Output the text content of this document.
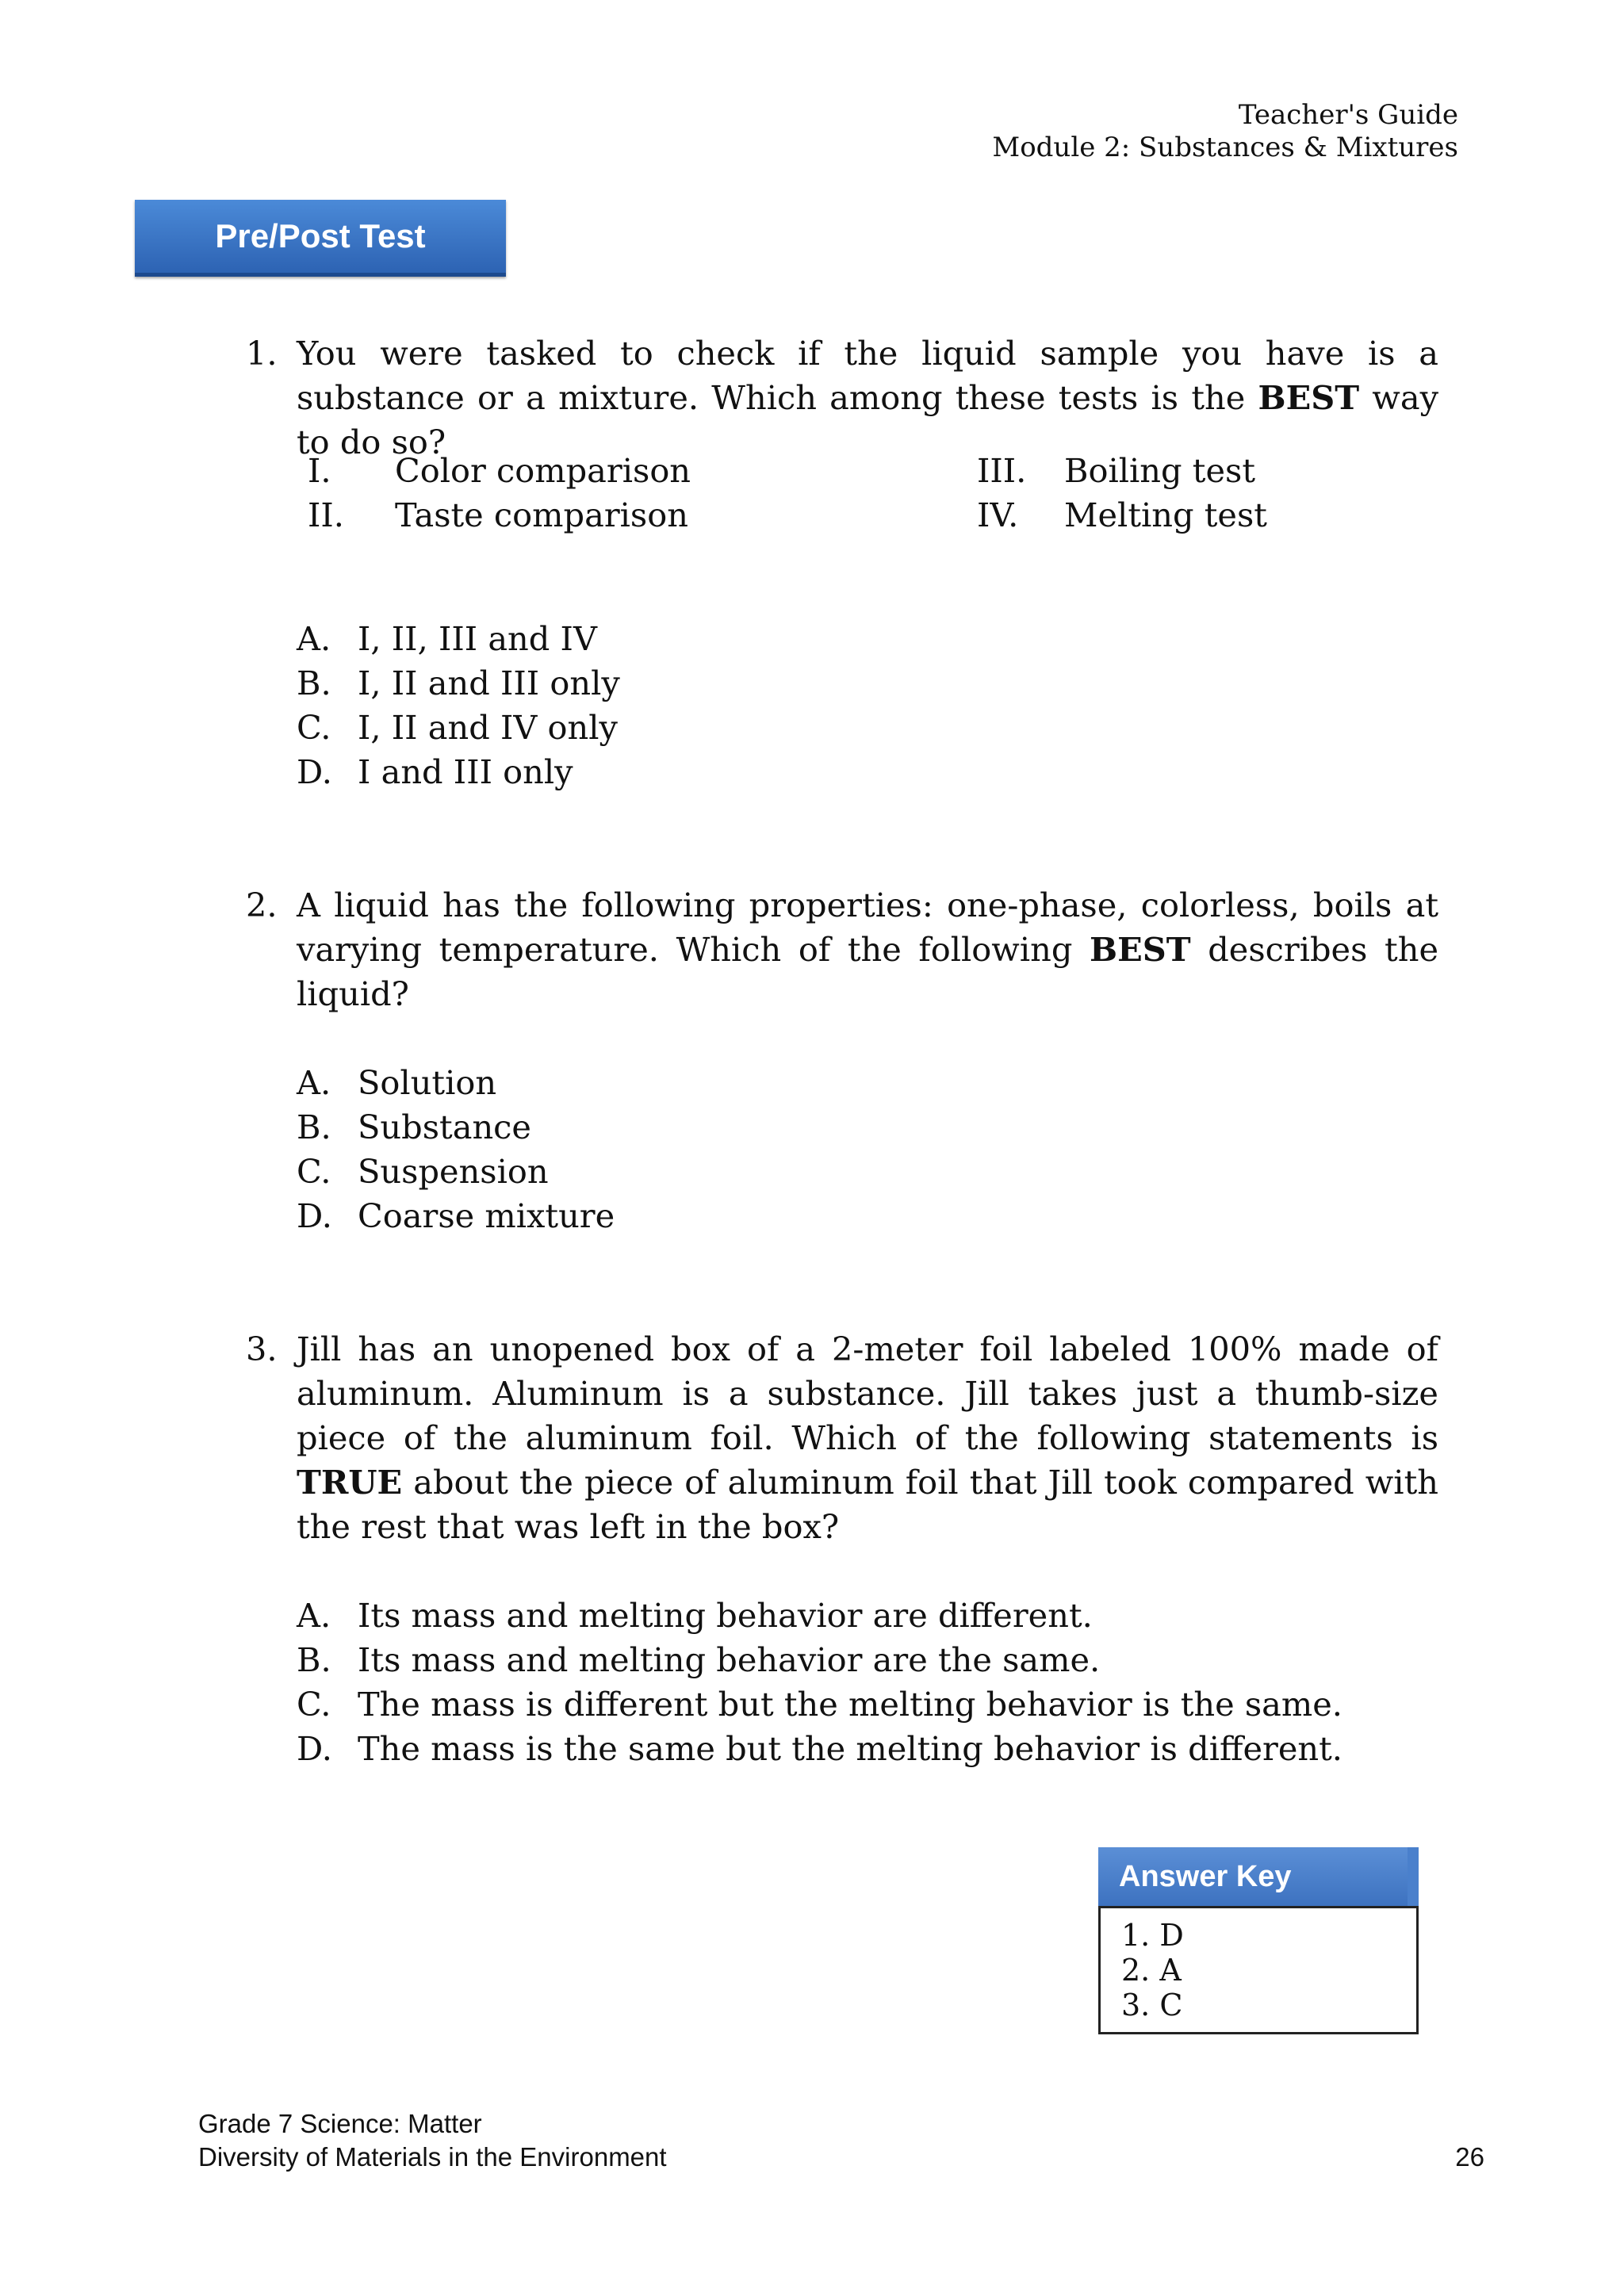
Teacher's Guide
Module 2: Substances & Mixtures
Pre/Post Test
1. You were tasked to check if the liquid sample you have is a substance or a mixture. Which among these tests is the BEST way to do so?
I. Color comparison
II. Taste comparison
III. Boiling test
IV. Melting test
A. I, II, III and IV
B. I, II and III only
C. I, II and IV only
D. I and III only
2. A liquid has the following properties: one-phase, colorless, boils at varying temperature. Which of the following BEST describes the liquid?
A. Solution
B. Substance
C. Suspension
D. Coarse mixture
3. Jill has an unopened box of a 2-meter foil labeled 100% made of aluminum. Aluminum is a substance. Jill takes just a thumb-size piece of the aluminum foil. Which of the following statements is TRUE about the piece of aluminum foil that Jill took compared with the rest that was left in the box?
A. Its mass and melting behavior are different.
B. Its mass and melting behavior are the same.
C. The mass is different but the melting behavior is the same.
D. The mass is the same but the melting behavior is different.
Answer Key
1. D
2. A
3. C
Grade 7 Science: Matter
Diversity of Materials in the Environment	26
